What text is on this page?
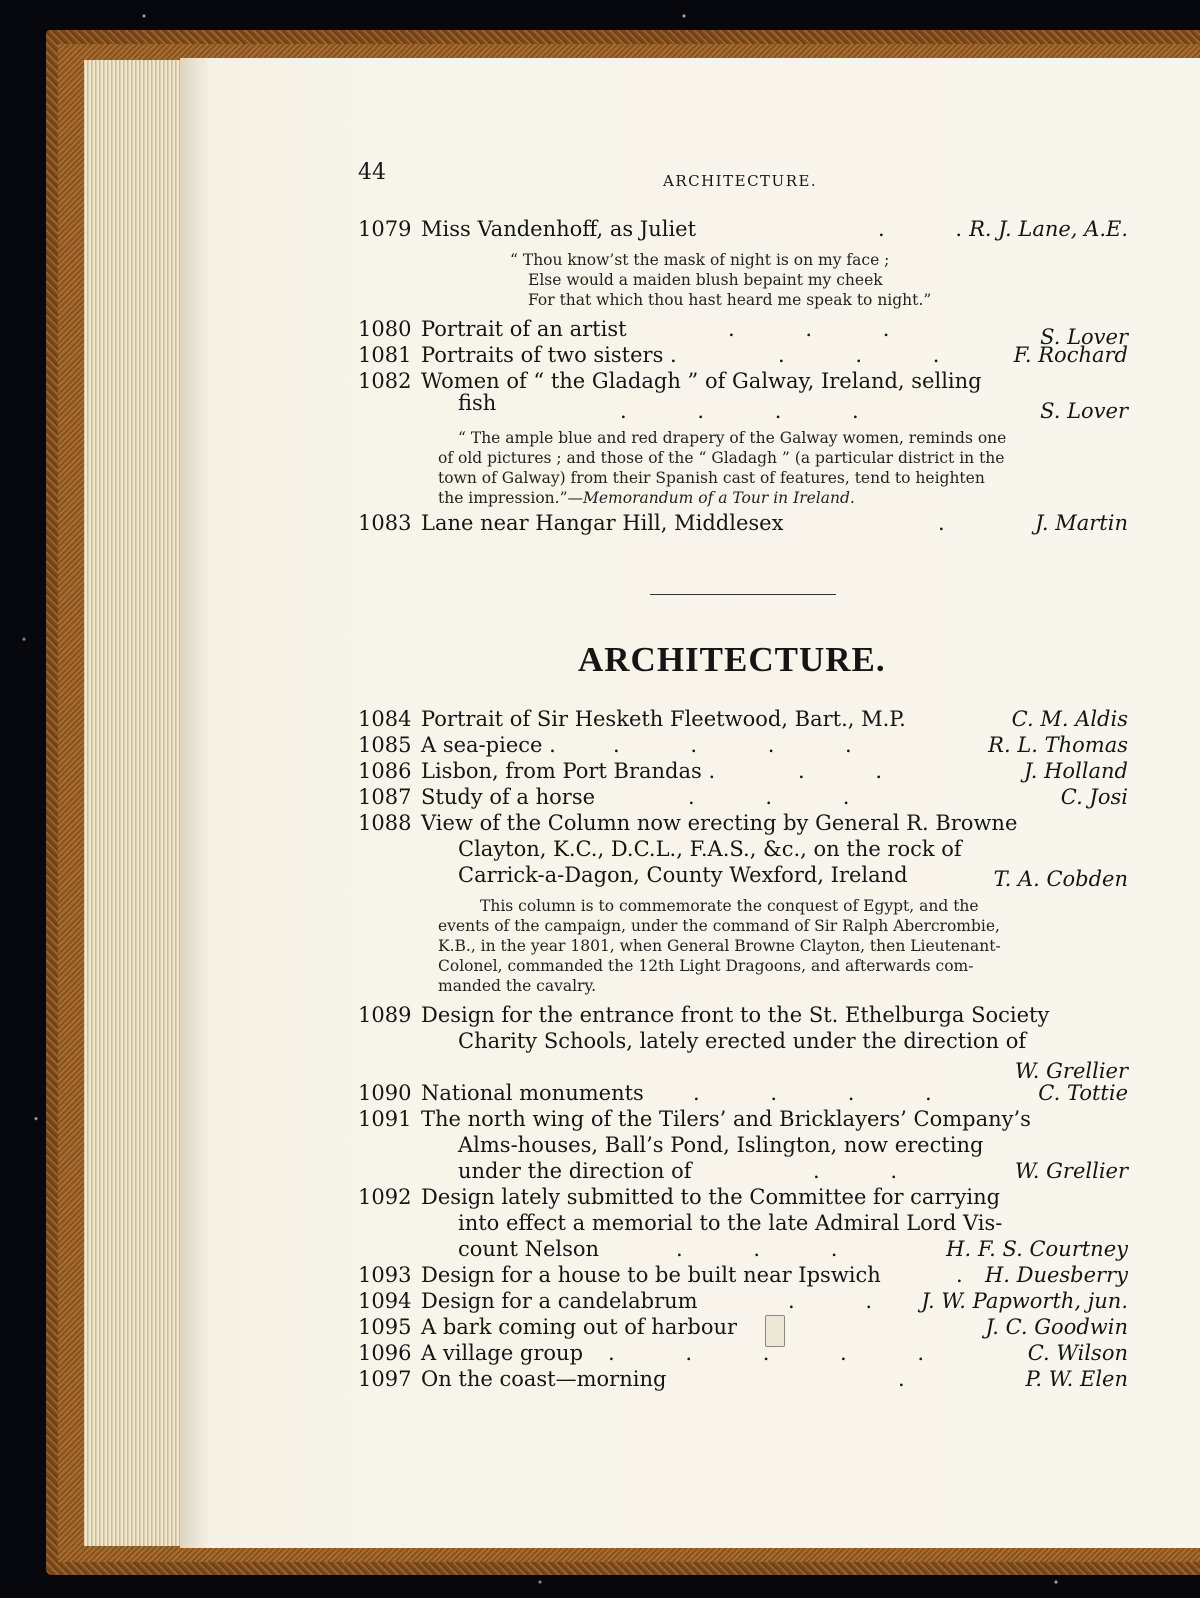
44	ARCHITECTURE.
1079 Miss Vandenhoff, as Juliet	. . R. J. Lane, A.E.
“ Thou know’st the mask of night is on my face ;
Else would a maiden blush bepaint my cheek
For that which thou hast heard me speak to night.”
1080 Portrait of an artist	. . .	S. Lover
1081 Portraits of two sisters .	. . .	F. Rochard
1082 Women of “ the Gladagh ” of Galway, Ireland, selling
fish	. . . .	S. Lover
“ The ample blue and red drapery of the Galway women, reminds one
of old pictures ; and those of the “ Gladagh ” (a particular district in the
town of Galway) from their Spanish cast of features, tend to heighten
the impression.”—Memorandum of a Tour in Ireland.
1083 Lane near Hangar Hill, Middlesex	.	J. Martin
ARCHITECTURE.
1084 Portrait of Sir Hesketh Fleetwood, Bart., M.P.	C. M. Aldis
1085 A sea-piece .	. . . .	R. L. Thomas
1086 Lisbon, from Port Brandas .	. .	J. Holland
1087 Study of a horse	. . .	C. Josi
1088 View of the Column now erecting by General R. Browne
Clayton, K.C., D.C.L., F.A.S., &c., on the rock of
Carrick-a-Dagon, County Wexford, Ireland	T. A. Cobden
This column is to commemorate the conquest of Egypt, and the
events of the campaign, under the command of Sir Ralph Abercrombie,
K.B., in the year 1801, when General Browne Clayton, then Lieutenant-
Colonel, commanded the 12th Light Dragoons, and afterwards com-
manded the cavalry.
1089 Design for the entrance front to the St. Ethelburga Society
Charity Schools, lately erected under the direction of
W. Grellier
1090 National monuments . . . .	C. Tottie
1091 The north wing of the Tilers’ and Bricklayers’ Company’s
Alms-houses, Ball’s Pond, Islington, now erecting
under the direction of	. .	W. Grellier
1092 Design lately submitted to the Committee for carrying
into effect a memorial to the late Admiral Lord Vis-
count Nelson	. . .	H. F. S. Courtney
1093 Design for a house to be built near Ipswich	. H. Duesberry
1094 Design for a candelabrum	. . J. W. Papworth, jun.
1095 A bark coming out of harbour	J. C. Goodwin
1096 A village group . . . . .	C. Wilson
1097 On the coast—morning	.	P. W. Elen
